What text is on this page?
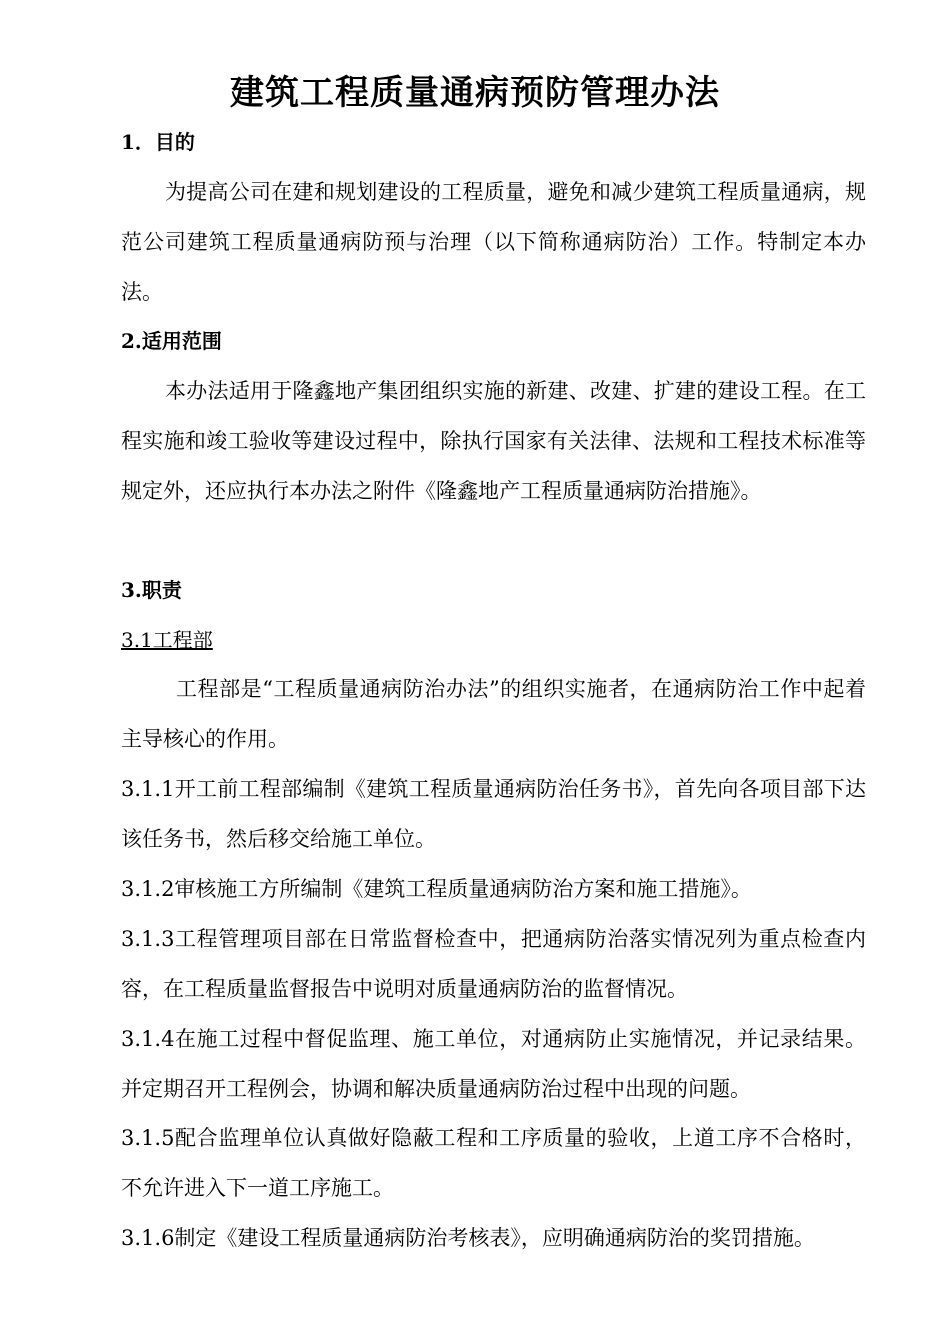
建筑工程质量通病预防管理办法

1．目的

为提高公司在建和规划建设的工程质量，避免和减少建筑工程质量通病，规范公司建筑工程质量通病防预与治理（以下简称通病防治）工作。特制定本办法。

2.适用范围

本办法适用于隆鑫地产集团组织实施的新建、改建、扩建的建设工程。在工程实施和竣工验收等建设过程中，除执行国家有关法律、法规和工程技术标准等规定外，还应执行本办法之附件《隆鑫地产工程质量通病防治措施》。

3.职责

3.1工程部

工程部是“工程质量通病防治办法”的组织实施者，在通病防治工作中起着主导核心的作用。

3.1.1开工前工程部编制《建筑工程质量通病防治任务书》，首先向各项目部下达该任务书，然后移交给施工单位。

3.1.2审核施工方所编制《建筑工程质量通病防治方案和施工措施》。

3.1.3工程管理项目部在日常监督检查中，把通病防治落实情况列为重点检查内容，在工程质量监督报告中说明对质量通病防治的监督情况。

3.1.4在施工过程中督促监理、施工单位，对通病防止实施情况，并记录结果。并定期召开工程例会，协调和解决质量通病防治过程中出现的问题。

3.1.5配合监理单位认真做好隐蔽工程和工序质量的验收，上道工序不合格时，不允许进入下一道工序施工。

3.1.6制定《建设工程质量通病防治考核表》，应明确通病防治的奖罚措施。
